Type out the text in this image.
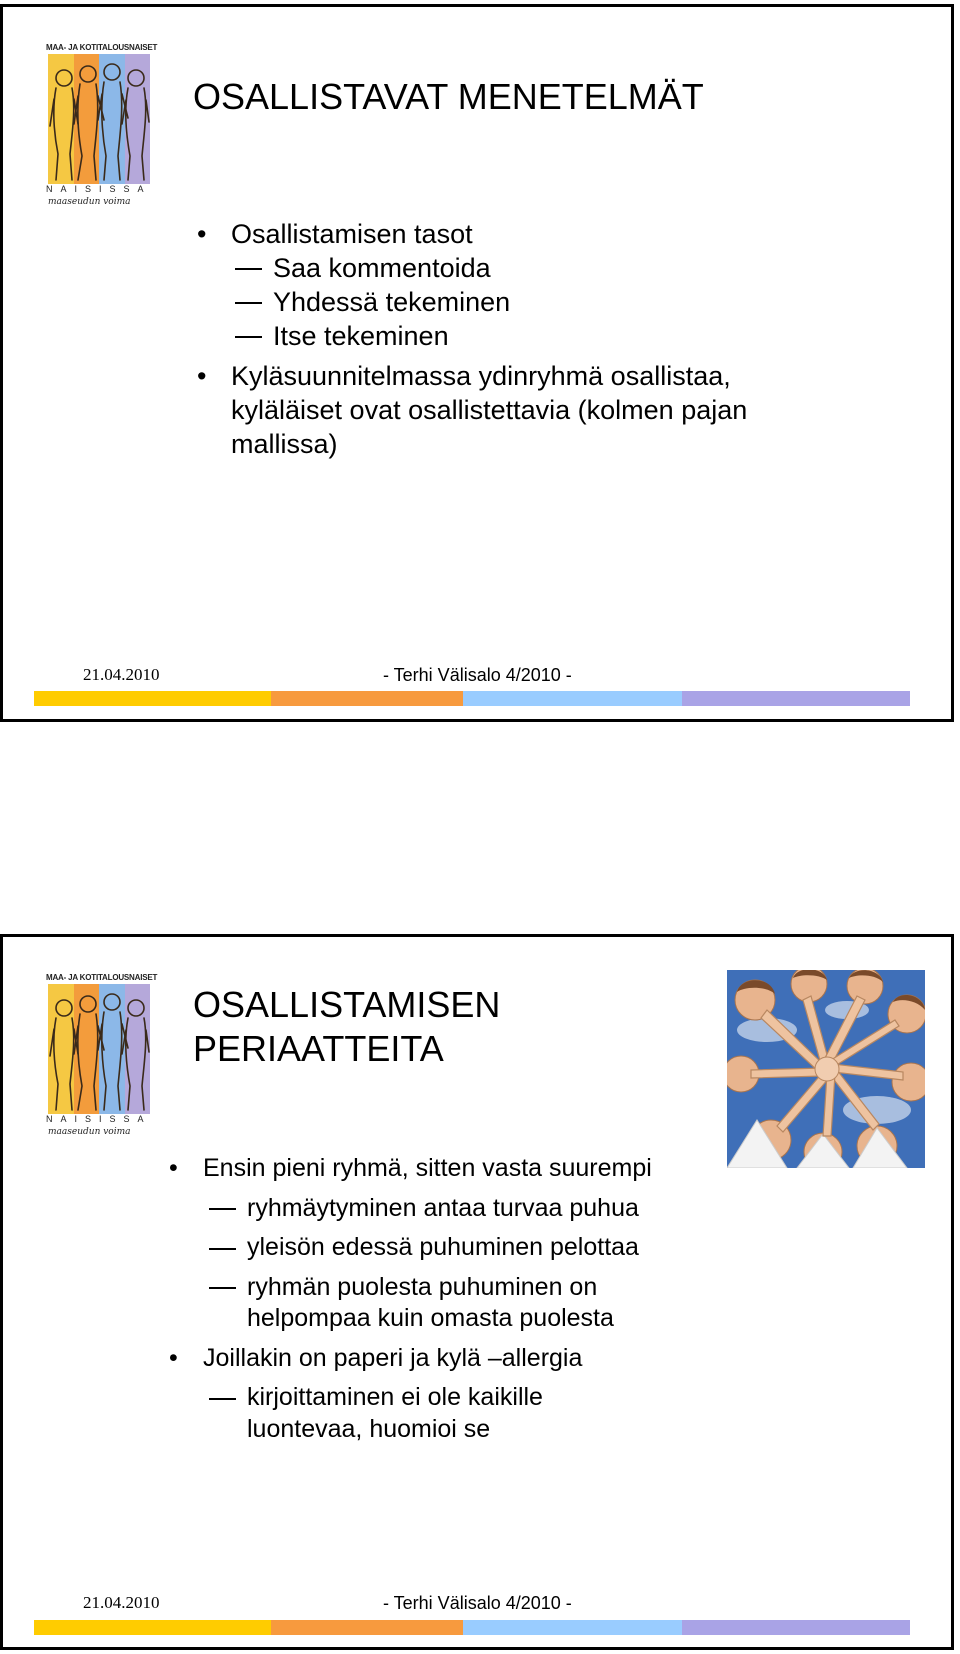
MAA- JA KOTITALOUSNAISET
NAISISSA
maaseudun voima
OSALLISTAVAT MENETELMÄT
• Osallistamisen tasot
Saa kommentoida
Yhdessä tekeminen
Itse tekeminen
• Kyläsuunnitelmassa ydinryhmä osallistaa,
kyläläiset ovat osallistettavia (kolmen pajan
mallissa)
21.04.2010	- Terhi Välisalo 4/2010 -
MAA- JA KOTITALOUSNAISET
NAISISSA
maaseudun voima
OSALLISTAMISEN
PERIAATTEITA
• Ensin pieni ryhmä, sitten vasta suurempi
ryhmäytyminen antaa turvaa puhua
yleisön edessä puhuminen pelottaa
ryhmän puolesta puhuminen on
helpompaa kuin omasta puolesta
• Joillakin on paperi ja kylä –allergia
kirjoittaminen ei ole kaikille
luontevaa, huomioi se
21.04.2010	- Terhi Välisalo 4/2010 -
